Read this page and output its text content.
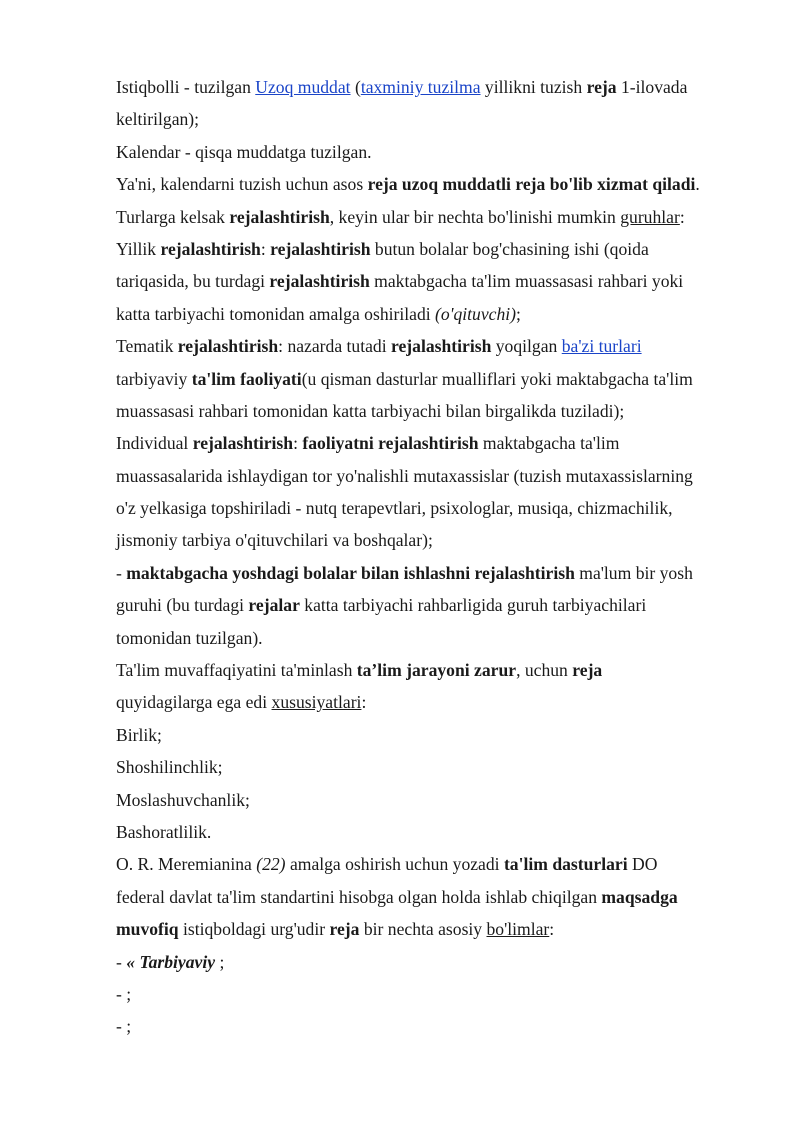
Istiqbolli - tuzilgan Uzoq muddat (taxminiy tuzilma yillikni tuzish reja 1-ilovada
keltirilgan);
Kalendar - qisqa muddatga tuzilgan.
Ya'ni, kalendarni tuzish uchun asos reja uzoq muddatli reja bo'lib xizmat qiladi.
Turlarga kelsak rejalashtirish, keyin ular bir nechta bo'linishi mumkin guruhlar:
Yillik rejalashtirish: rejalashtirish butun bolalar bog'chasining ishi (qoida
tariqasida, bu turdagi rejalashtirish maktabgacha ta'lim muassasasi rahbari yoki
katta tarbiyachi tomonidan amalga oshiriladi (o'qituvchi);
Tematik rejalashtirish: nazarda tutadi rejalashtirish yoqilgan ba'zi turlari
tarbiyaviy ta'lim faoliyati(u qisman dasturlar mualliflari yoki maktabgacha ta'lim
muassasasi rahbari tomonidan katta tarbiyachi bilan birgalikda tuziladi);
Individual rejalashtirish: faoliyatni rejalashtirish maktabgacha ta'lim
muassasalarida ishlaydigan tor yo'nalishli mutaxassislar (tuzish mutaxassislarning
o'z yelkasiga topshiriladi - nutq terapevtlari, psixologlar, musiqa, chizmachilik,
jismoniy tarbiya o'qituvchilari va boshqalar);
- maktabgacha yoshdagi bolalar bilan ishlashni rejalashtirish ma'lum bir yosh
guruhi (bu turdagi rejalar katta tarbiyachi rahbarligida guruh tarbiyachilari
tomonidan tuzilgan).
Ta'lim muvaffaqiyatini ta'minlash ta’lim jarayoni zarur, uchun reja
quyidagilarga ega edi xususiyatlari:
Birlik;
Shoshilinchlik;
Moslashuvchanlik;
Bashoratlilik.
O. R. Meremianina (22) amalga oshirish uchun yozadi ta'lim dasturlari DO
federal davlat ta'lim standartini hisobga olgan holda ishlab chiqilgan maqsadga
muvofiq istiqboldagi urg'udir reja bir nechta asosiy bo'limlar:
- « Tarbiyaviy ;
- ;
- ;
